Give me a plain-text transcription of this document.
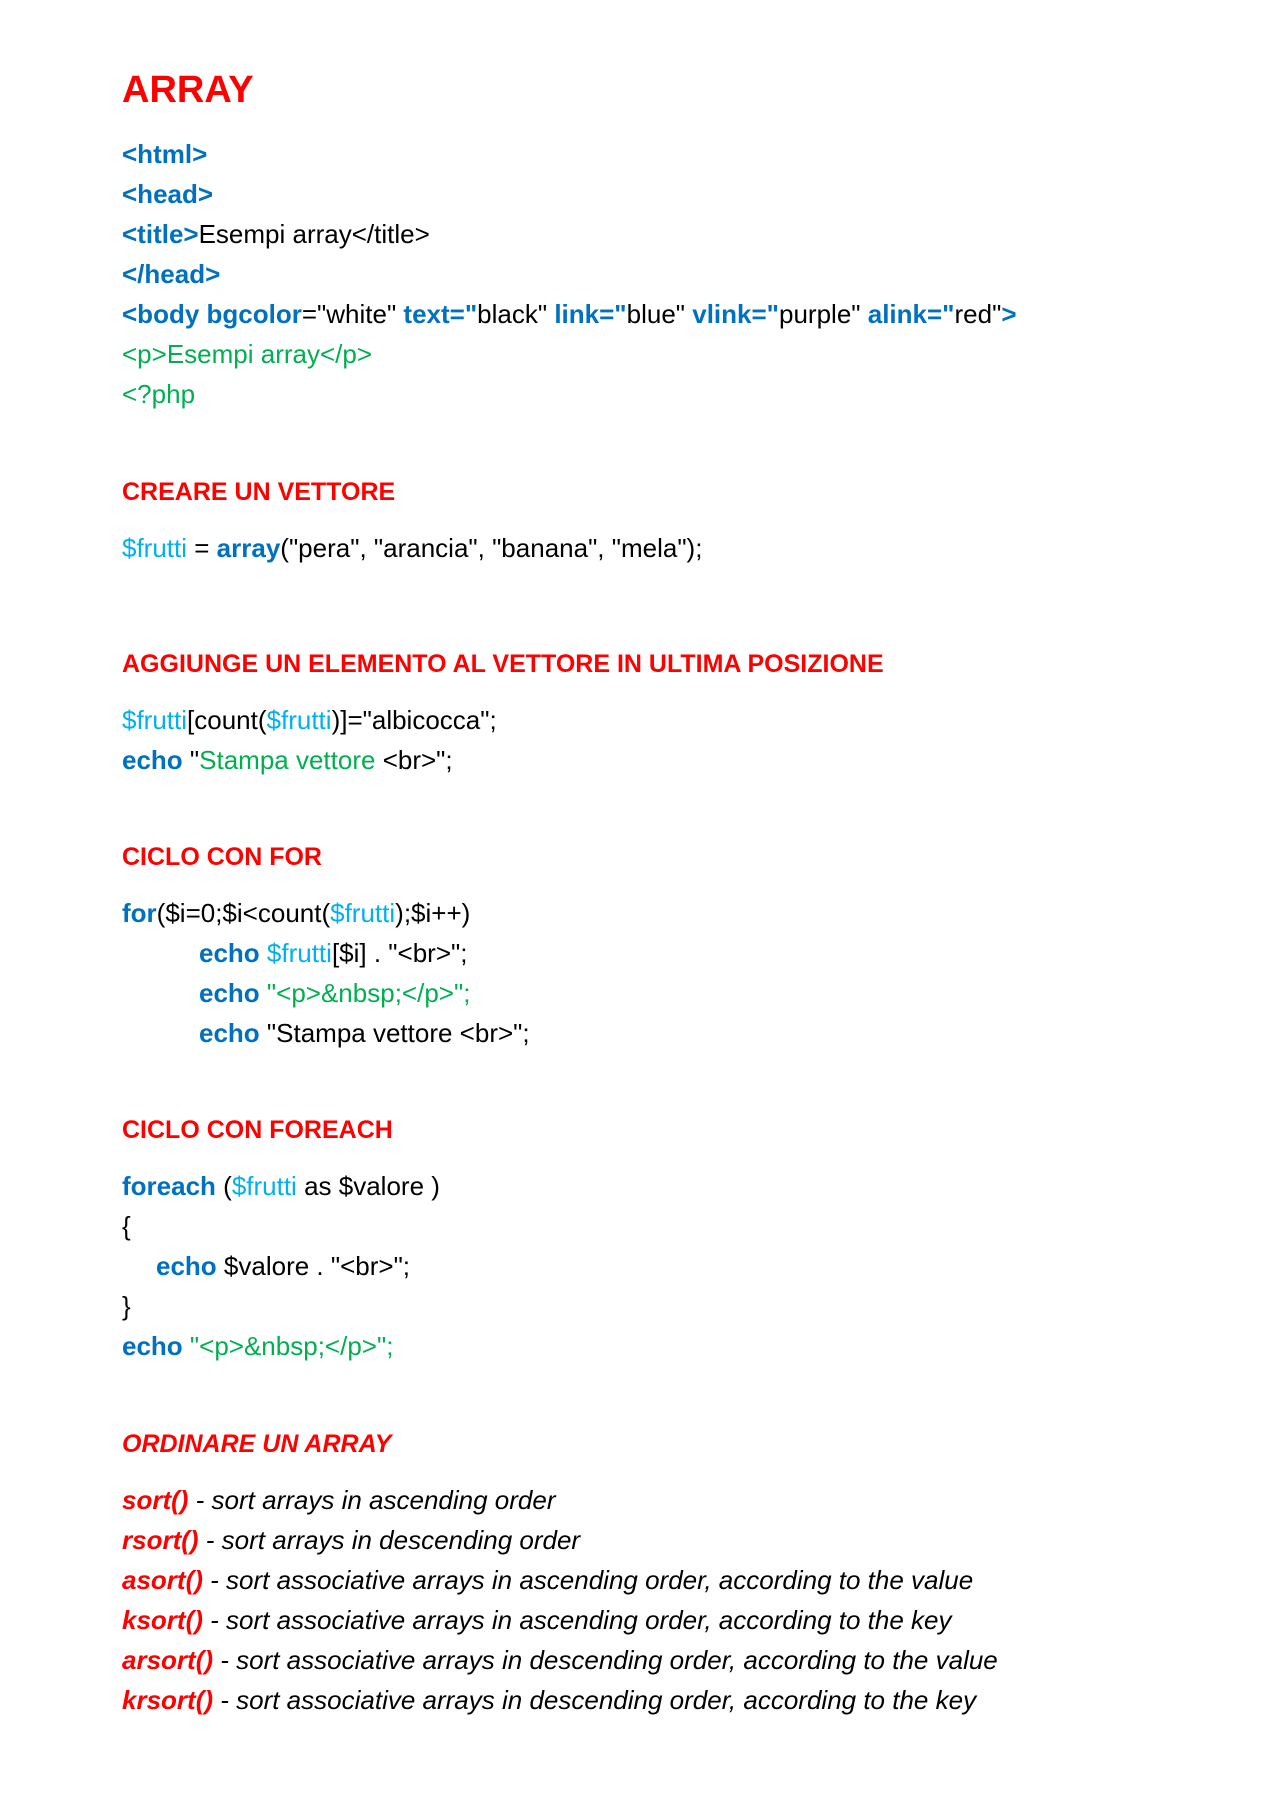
ARRAY
<html>
<head>
<title>Esempi array</title>
</head>
<body bgcolor="white" text="black" link="blue" vlink="purple" alink="red">
<p>Esempi array</p>
<?php
CREARE UN VETTORE
$frutti = array("pera", "arancia", "banana", "mela");
AGGIUNGE UN ELEMENTO AL VETTORE IN ULTIMA POSIZIONE
$frutti[count($frutti)]="albicocca";
echo "Stampa vettore <br>";
CICLO CON FOR
for($i=0;$i<count($frutti);$i++)
echo $frutti[$i] . "<br>";
echo "<p>&nbsp;</p>";
echo "Stampa vettore <br>";
CICLO CON FOREACH
foreach ($frutti as $valore )
{
echo $valore . "<br>";
}
echo "<p>&nbsp;</p>";
ORDINARE UN ARRAY
sort() - sort arrays in ascending order
rsort() - sort arrays in descending order
asort() - sort associative arrays in ascending order, according to the value
ksort() - sort associative arrays in ascending order, according to the key
arsort() - sort associative arrays in descending order, according to the value
krsort() - sort associative arrays in descending order, according to the key
